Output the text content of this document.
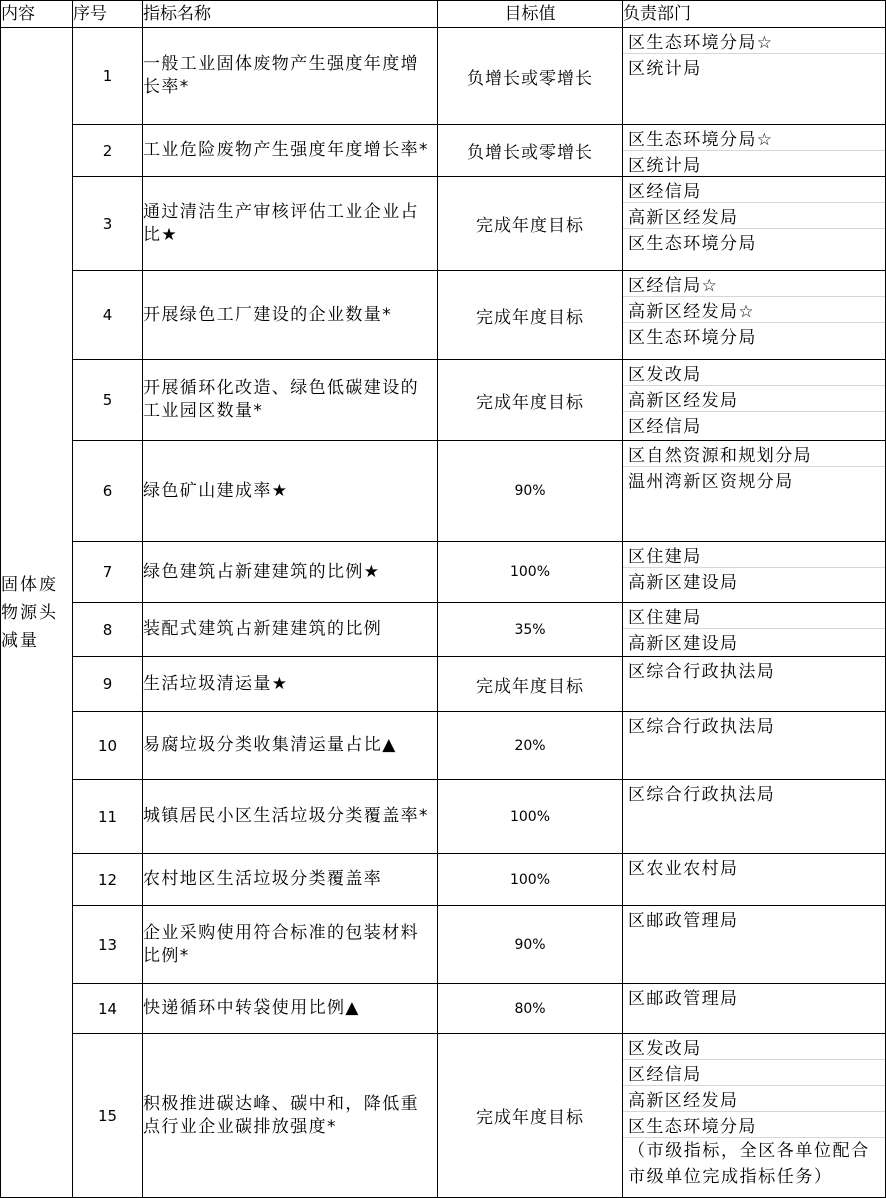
内容	序号	指标名称	目标值	负责部门
固体废物源头减量	1	一般工业固体废物产生强度年度增长率*	负增长或零增长	区生态环境分局☆
区统计局

	2	工业危险废物产生强度年度增长率*	负增长或零增长	区生态环境分局☆
区统计局

	3	通过清洁生产审核评估工业企业占比★	完成年度目标	区经信局
高新区经发局
区生态环境分局

	4	开展绿色工厂建设的企业数量*	完成年度目标	区经信局☆
高新区经发局☆
区生态环境分局

	5	开展循环化改造、绿色低碳建设的工业园区数量*	完成年度目标	区发改局
高新区经发局
区经信局

	6	绿色矿山建成率★	90%	区自然资源和规划分局
温州湾新区资规分局

	7	绿色建筑占新建建筑的比例★	100%	区住建局
高新区建设局

	8	装配式建筑占新建建筑的比例	35%	区住建局
高新区建设局

	9	生活垃圾清运量★	完成年度目标	区综合行政执法局

	10	易腐垃圾分类收集清运量占比▲	20%	区综合行政执法局

	11	城镇居民小区生活垃圾分类覆盖率*	100%	区综合行政执法局

	12	农村地区生活垃圾分类覆盖率	100%	区农业农村局

	13	企业采购使用符合标准的包装材料比例*	90%	区邮政管理局

	14	快递循环中转袋使用比例▲	80%	区邮政管理局

	15	积极推进碳达峰、碳中和，降低重点行业企业碳排放强度*	完成年度目标	区发改局
区经信局
高新区经发局
区生态环境分局
（市级指标，全区各单位配合市级单位完成指标任务）
